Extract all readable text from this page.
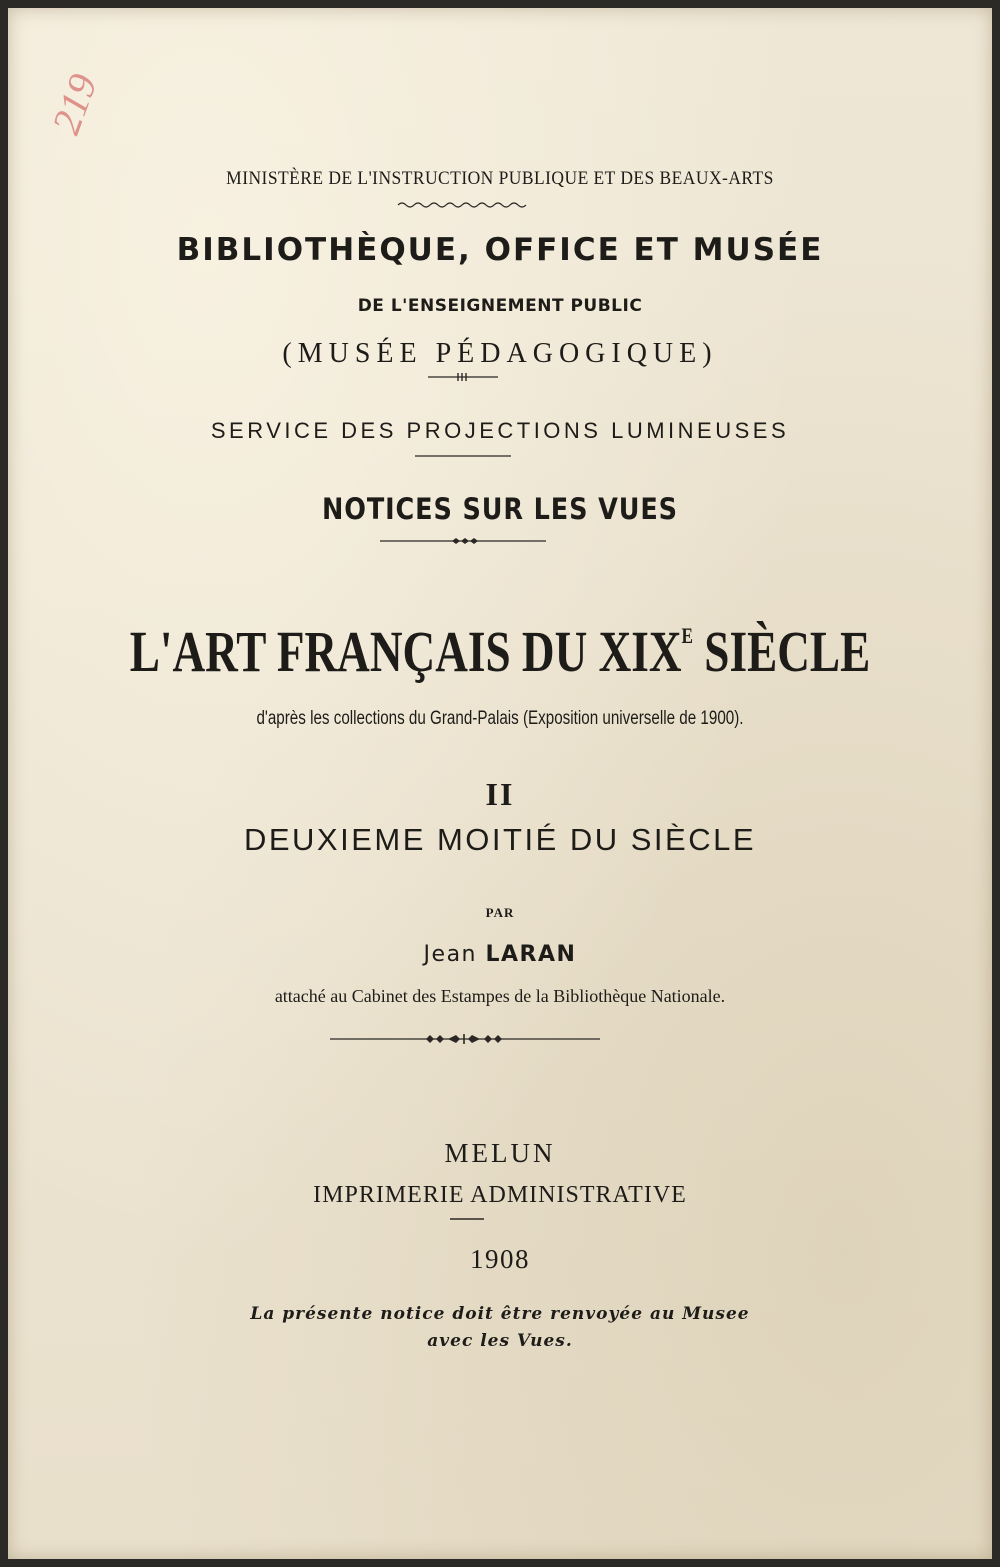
219
MINISTÈRE DE L'INSTRUCTION PUBLIQUE ET DES BEAUX-ARTS
BIBLIOTHÈQUE, OFFICE ET MUSÉE
DE L'ENSEIGNEMENT PUBLIC
(MUSÉE PÉDAGOGIQUE)
SERVICE DES PROJECTIONS LUMINEUSES
NOTICES SUR LES VUES
L'ART FRANÇAIS DU $XIX^E$ SIÈCLE
d'après les collections du Grand-Palais (Exposition universelle de 1900).
II
DEUXIEME MOITIÉ DU SIÈCLE
PAR
Jean LARAN
attaché au Cabinet des Estampes de la Bibliothèque Nationale.
MELUN
IMPRIMERIE ADMINISTRATIVE
1908
La présente notice doit être renvoyée au Musee
avec les Vues.
